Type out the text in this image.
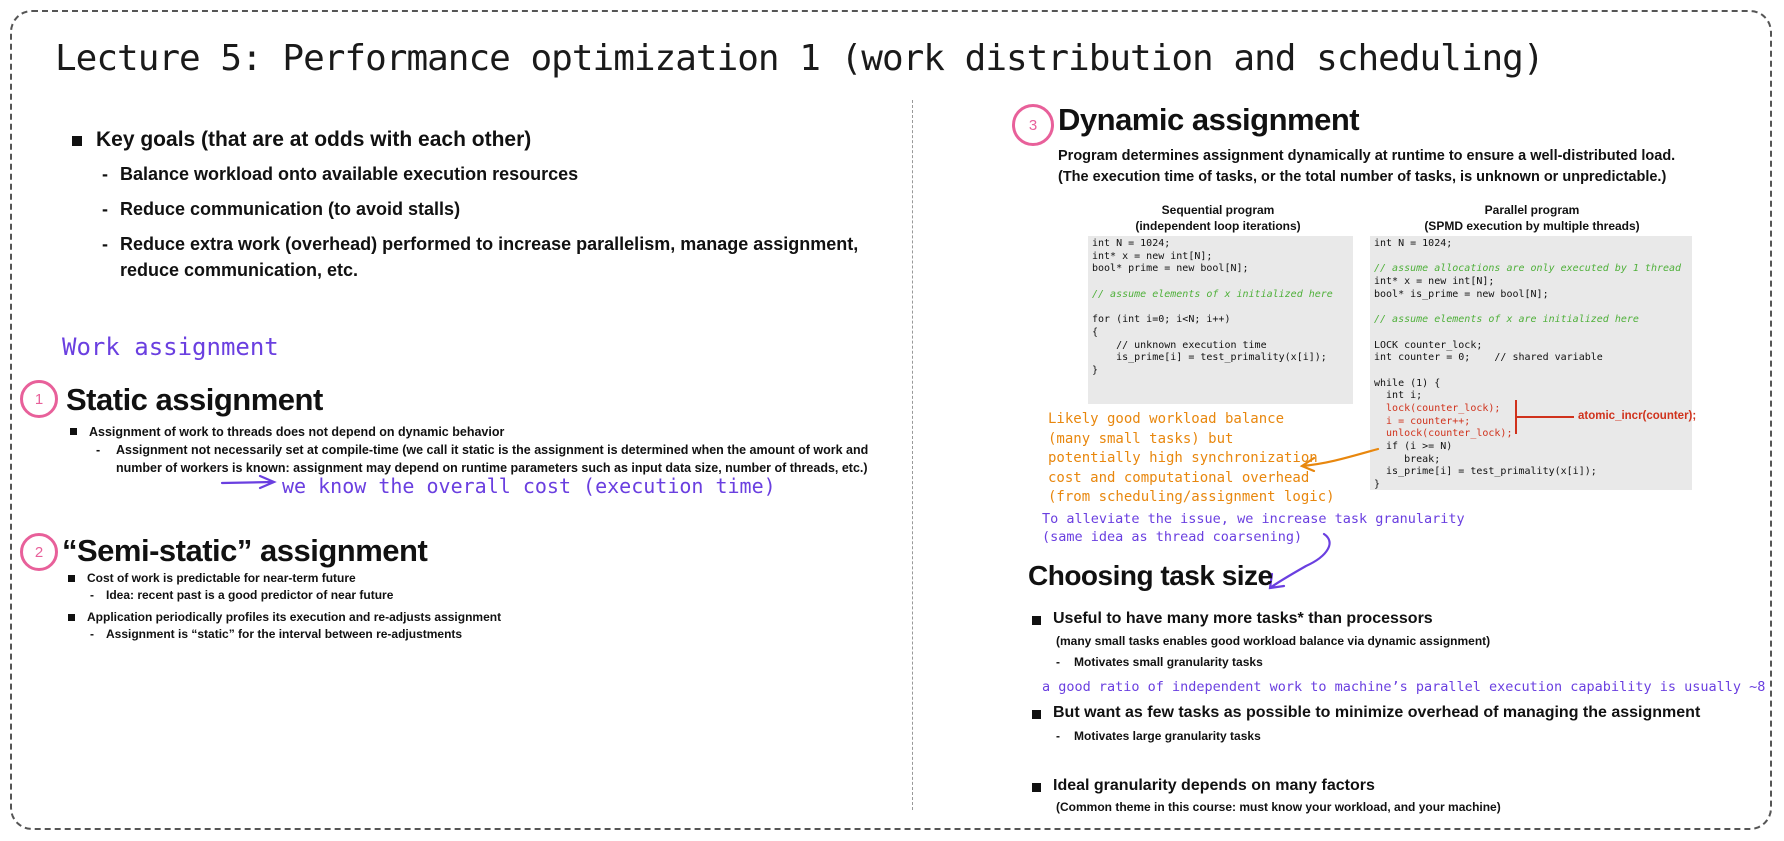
Lecture 5: Performance optimization 1 (work distribution and scheduling)
Key goals (that are at odds with each other)
- Balance workload onto available execution resources
- Reduce communication (to avoid stalls)
- Reduce extra work (overhead) performed to increase parallelism, manage assignment, reduce communication, etc.
Work assignment
1 Static assignment
Assignment of work to threads does not depend on dynamic behavior
-	Assignment not necessarily set at compile-time (we call it static is the assignment is determined when the amount of work and number of workers is known: assignment may depend on runtime parameters such as input data size, number of threads, etc.)
we know the overall cost (execution time)
2 “Semi-static” assignment
Cost of work is predictable for near-term future
-	Idea: recent past is a good predictor of near future
Application periodically profiles its execution and re-adjusts assignment
-	Assignment is “static” for the interval between re-adjustments
3 Dynamic assignment
Program determines assignment dynamically at runtime to ensure a well-distributed load.
(The execution time of tasks, or the total number of tasks, is unknown or unpredictable.)
Sequential program
(independent loop iterations)
Parallel program
(SPMD execution by multiple threads)
int N = 1024;
int* x = new int[N];
bool* prime = new bool[N];

// assume elements of x initialized here

for (int i=0; i<N; i++)
{
// unknown execution time
is_prime[i] = test_primality(x[i]);
}
int N = 1024;

// assume allocations are only executed by 1 thread
int* x = new int[N];
bool* is_prime = new bool[N];

// assume elements of x are initialized here

LOCK counter_lock;
int counter = 0;    // shared variable

while (1) {
int i;
lock(counter_lock);
i = counter++;
unlock(counter_lock);
if (i >= N)
break;
is_prime[i] = test_primality(x[i]);
}
atomic_incr(counter);
Likely good workload balance
(many small tasks) but
potentially high synchronization
cost and computational overhead
(from scheduling/assignment logic)
To alleviate the issue, we increase task granularity
(same idea as thread coarsening)
Choosing task size
Useful to have many more tasks* than processors
(many small tasks enables good workload balance via dynamic assignment)
- Motivates small granularity tasks
a good ratio of independent work to machine’s parallel execution capability is usually ~8
But want as few tasks as possible to minimize overhead of managing the assignment
- Motivates large granularity tasks
Ideal granularity depends on many factors
(Common theme in this course: must know your workload, and your machine)
